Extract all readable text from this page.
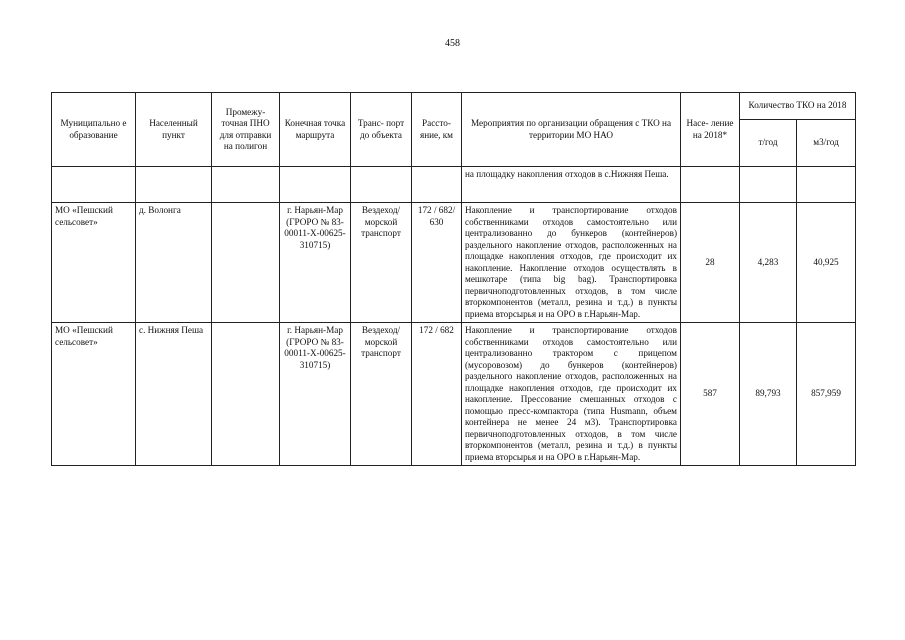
458
Муниципально е образование	Населенный пункт	Промежу- точная ПНО для отправки на полигон	Конечная точка маршрута	Транс- порт до объекта	Рассто- яние, км	Мероприятия по организации обращения с ТКО на территории МО НАО	Насе- ление на 2018*	Количество ТКО на 2018	
								т/год	м3/год
						на площадку накопления отходов в с.Нижняя Пеша.			
МО «Пешский сельсовет»	д. Волонга		г. Нарьян-Мар (ГРОРО № 83-00011-Х-00625-310715)	Вездеход/ морской транспорт	172 / 682/ 630	Накопление и транспортирование отходов собственниками отходов самостоятельно или централизованно до бункеров (контейнеров) раздельного накопление отходов, расположенных на площадке накопления отходов, где происходит их накопление. Накопление отходов осуществлять в мешкотаре (типа big bag). Транспортировка первичноподготовленных отходов, в том числе вторкомпонентов (металл, резина и т.д.) в пункты приема вторсырья и на ОРО в г.Нарьян-Мар.	28	4,283	40,925
МО «Пешский сельсовет»	с. Нижняя Пеша		г. Нарьян-Мар (ГРОРО № 83-00011-Х-00625-310715)	Вездеход/ морской транспорт	172 / 682	Накопление и транспортирование отходов собственниками отходов самостоятельно или централизованно трактором с прицепом (мусоровозом) до бункеров (контейнеров) раздельного накопление отходов, расположенных на площадке накопления отходов, где происходит их накопление. Прессование смешанных отходов с помощью пресс-компактора (типа Husmann, объем контейнера не менее 24 м3). Транспортировка первичноподготовленных отходов, в том числе вторкомпонентов (металл, резина и т.д.) в пункты приема вторсырья и на ОРО в г.Нарьян-Мар.	587	89,793	857,959
